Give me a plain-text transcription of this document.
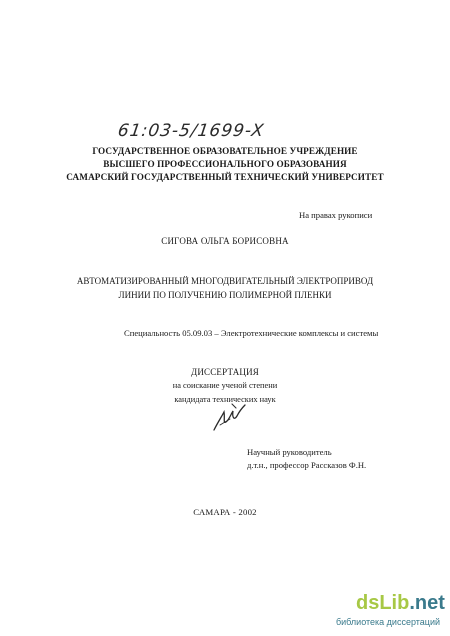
61:03-5/1699-X
ГОСУДАРСТВЕННОЕ ОБРАЗОВАТЕЛЬНОЕ УЧРЕЖДЕНИЕ
ВЫСШЕГО ПРОФЕССИОНАЛЬНОГО ОБРАЗОВАНИЯ
САМАРСКИЙ ГОСУДАРСТВЕННЫЙ ТЕХНИЧЕСКИЙ УНИВЕРСИТЕТ
На правах рукописи
СИГОВА ОЛЬГА БОРИСОВНА
АВТОМАТИЗИРОВАННЫЙ МНОГОДВИГАТЕЛЬНЫЙ ЭЛЕКТРОПРИВОД
ЛИНИИ ПО ПОЛУЧЕНИЮ ПОЛИМЕРНОЙ ПЛЕНКИ
Специальность 05.09.03 – Электротехнические комплексы и системы
ДИССЕРТАЦИЯ
на соискание ученой степени
кандидата технических наук
Научный руководитель
д.т.н., профессор Рассказов Ф.Н.
САМАРА - 2002
dsLib.net
библиотека диссертаций
